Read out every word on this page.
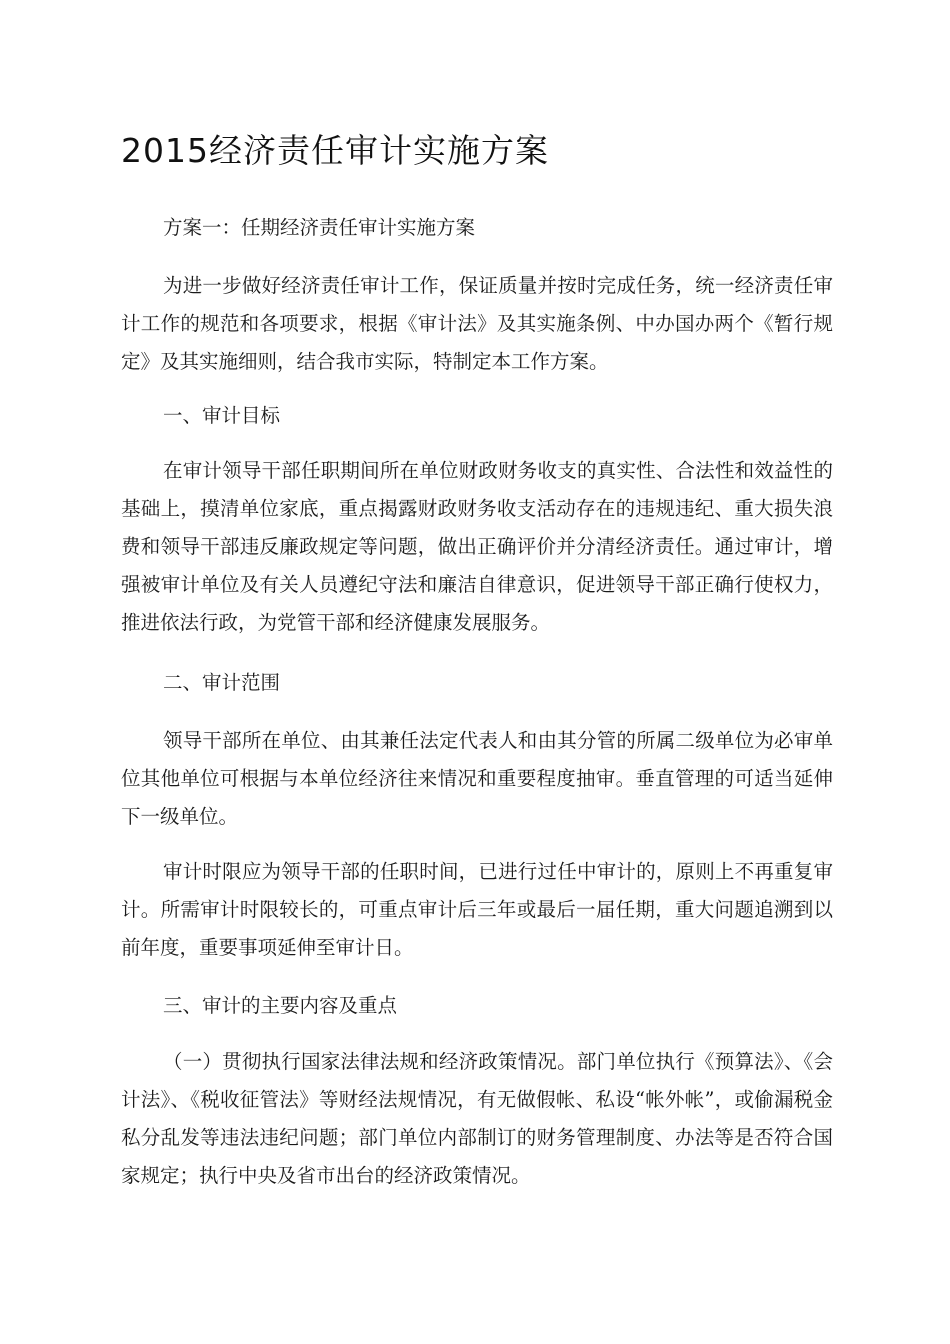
2015经济责任审计实施方案

方案一：任期经济责任审计实施方案

为进一步做好经济责任审计工作，保证质量并按时完成任务，统一经济责任审计工作的规范和各项要求，根据《审计法》及其实施条例、中办国办两个《暂行规定》及其实施细则，结合我市实际，特制定本工作方案。

一、审计目标

在审计领导干部任职期间所在单位财政财务收支的真实性、合法性和效益性的基础上，摸清单位家底，重点揭露财政财务收支活动存在的违规违纪、重大损失浪费和领导干部违反廉政规定等问题，做出正确评价并分清经济责任。通过审计，增强被审计单位及有关人员遵纪守法和廉洁自律意识，促进领导干部正确行使权力，推进依法行政，为党管干部和经济健康发展服务。

二、审计范围

领导干部所在单位、由其兼任法定代表人和由其分管的所属二级单位为必审单位其他单位可根据与本单位经济往来情况和重要程度抽审。垂直管理的可适当延伸下一级单位。

审计时限应为领导干部的任职时间，已进行过任中审计的，原则上不再重复审计。所需审计时限较长的，可重点审计后三年或最后一届任期，重大问题追溯到以前年度，重要事项延伸至审计日。

三、审计的主要内容及重点

（一）贯彻执行国家法律法规和经济政策情况。部门单位执行《预算法》、《会计法》、《税收征管法》等财经法规情况，有无做假帐、私设“帐外帐”，或偷漏税金私分乱发等违法违纪问题；部门单位内部制订的财务管理制度、办法等是否符合国家规定；执行中央及省市出台的经济政策情况。
